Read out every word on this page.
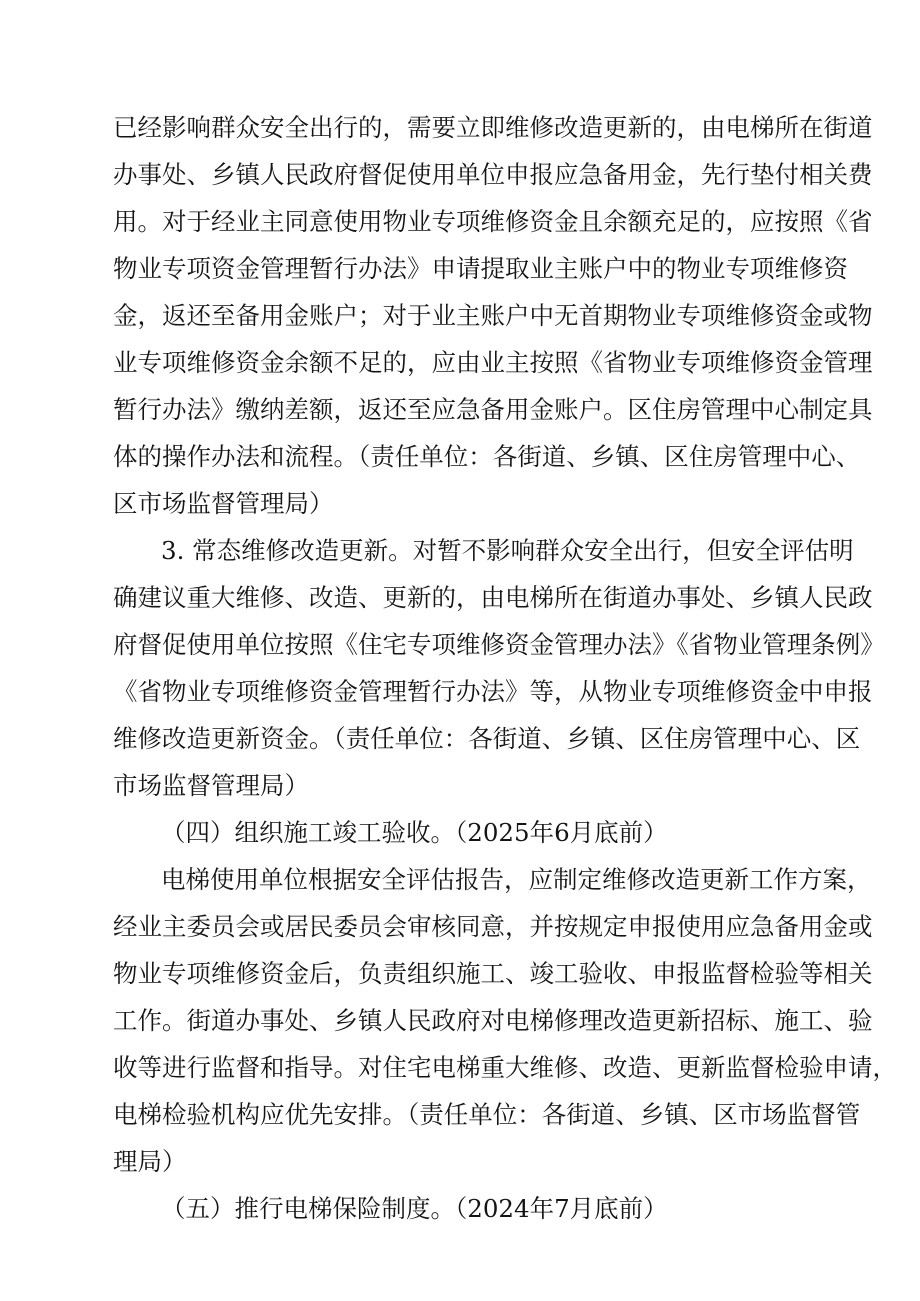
已经影响群众安全出行的，需要立即维修改造更新的，由电梯所在街道
办事处、乡镇人民政府督促使用单位申报应急备用金，先行垫付相关费
用。对于经业主同意使用物业专项维修资金且余额充足的，应按照《省
物业专项资金管理暂行办法》申请提取业主账户中的物业专项维修资
金，返还至备用金账户；对于业主账户中无首期物业专项维修资金或物
业专项维修资金余额不足的，应由业主按照《省物业专项维修资金管理
暂行办法》缴纳差额，返还至应急备用金账户。区住房管理中心制定具
体的操作办法和流程。（责任单位：各街道、乡镇、区住房管理中心、
区市场监督管理局）
3. 常态维修改造更新。对暂不影响群众安全出行，但安全评估明
确建议重大维修、改造、更新的，由电梯所在街道办事处、乡镇人民政
府督促使用单位按照《住宅专项维修资金管理办法》《省物业管理条例》
《省物业专项维修资金管理暂行办法》等，从物业专项维修资金中申报
维修改造更新资金。（责任单位：各街道、乡镇、区住房管理中心、区
市场监督管理局）
（四）组织施工竣工验收。（2025年6月底前）
电梯使用单位根据安全评估报告，应制定维修改造更新工作方案，
经业主委员会或居民委员会审核同意，并按规定申报使用应急备用金或
物业专项维修资金后，负责组织施工、竣工验收、申报监督检验等相关
工作。街道办事处、乡镇人民政府对电梯修理改造更新招标、施工、验
收等进行监督和指导。对住宅电梯重大维修、改造、更新监督检验申请，
电梯检验机构应优先安排。（责任单位：各街道、乡镇、区市场监督管
理局）
（五）推行电梯保险制度。（2024年7月底前）
